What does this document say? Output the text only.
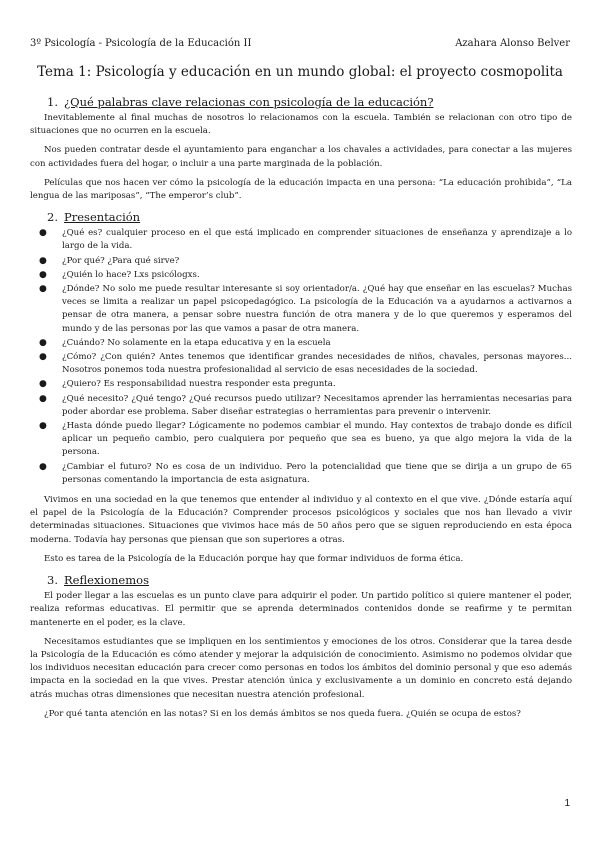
3º Psicología - Psicología de la Educación II	Azahara Alonso Belver
Tema 1: Psicología y educación en un mundo global: el proyecto cosmopolita
1. ¿Qué palabras clave relacionas con psicología de la educación?

Inevitablemente al final muchas de nosotros lo relacionamos con la escuela. También se relacionan con otro tipo de situaciones que no ocurren en la escuela.

Nos pueden contratar desde el ayuntamiento para enganchar a los chavales a actividades, para conectar a las mujeres con actividades fuera del hogar, o incluir a una parte marginada de la población.

Películas que nos hacen ver cómo la psicología de la educación impacta en una persona: “La educación prohibida”, “La lengua de las mariposas”, “The emperor’s club”.

2. Presentación
● ¿Qué es? cualquier proceso en el que está implicado en comprender situaciones de enseñanza y aprendizaje a lo largo de la vida.
● ¿Por qué? ¿Para qué sirve?
● ¿Quién lo hace? Lxs psicólogxs.
● ¿Dónde? No solo me puede resultar interesante si soy orientador/a. ¿Qué hay que enseñar en las escuelas? Muchas veces se limita a realizar un papel psicopedagógico. La psicología de la Educación va a ayudarnos a activarnos a pensar de otra manera, a pensar sobre nuestra función de otra manera y de lo que queremos y esperamos del mundo y de las personas por las que vamos a pasar de otra manera.
● ¿Cuándo? No solamente en la etapa educativa y en la escuela
● ¿Cómo? ¿Con quién? Antes tenemos que identificar grandes necesidades de niños, chavales, personas mayores... Nosotros ponemos toda nuestra profesionalidad al servicio de esas necesidades de la sociedad.
● ¿Quiero? Es responsabilidad nuestra responder esta pregunta.
● ¿Qué necesito? ¿Qué tengo? ¿Qué recursos puedo utilizar? Necesitamos aprender las herramientas necesarias para poder abordar ese problema. Saber diseñar estrategias o herramientas para prevenir o intervenir.
● ¿Hasta dónde puedo llegar? Lógicamente no podemos cambiar el mundo. Hay contextos de trabajo donde es difícil aplicar un pequeño cambio, pero cualquiera por pequeño que sea es bueno, ya que algo mejora la vida de la persona.
● ¿Cambiar el futuro? No es cosa de un individuo. Pero la potencialidad que tiene que se dirija a un grupo de 65 personas comentando la importancia de esta asignatura.

Vivimos en una sociedad en la que tenemos que entender al individuo y al contexto en el que vive. ¿Dónde estaría aquí el papel de la Psicología de la Educación? Comprender procesos psicológicos y sociales que nos han llevado a vivir determinadas situaciones. Situaciones que vivimos hace más de 50 años pero que se siguen reproduciendo en esta época moderna. Todavía hay personas que piensan que son superiores a otras.

Esto es tarea de la Psicología de la Educación porque hay que formar individuos de forma ética.

3. Reflexionemos

El poder llegar a las escuelas es un punto clave para adquirir el poder. Un partido político si quiere mantener el poder, realiza reformas educativas. El permitir que se aprenda determinados contenidos donde se reafirme y te permitan mantenerte en el poder, es la clave.

Necesitamos estudiantes que se impliquen en los sentimientos y emociones de los otros. Considerar que la tarea desde la Psicología de la Educación es cómo atender y mejorar la adquisición de conocimiento. Asimismo no podemos olvidar que los individuos necesitan educación para crecer como personas en todos los ámbitos del dominio personal y que eso además impacta en la sociedad en la que vives. Prestar atención única y exclusivamente a un dominio en concreto está dejando atrás muchas otras dimensiones que necesitan nuestra atención profesional.

¿Por qué tanta atención en las notas? Si en los demás ámbitos se nos queda fuera. ¿Quién se ocupa de estos?

1
